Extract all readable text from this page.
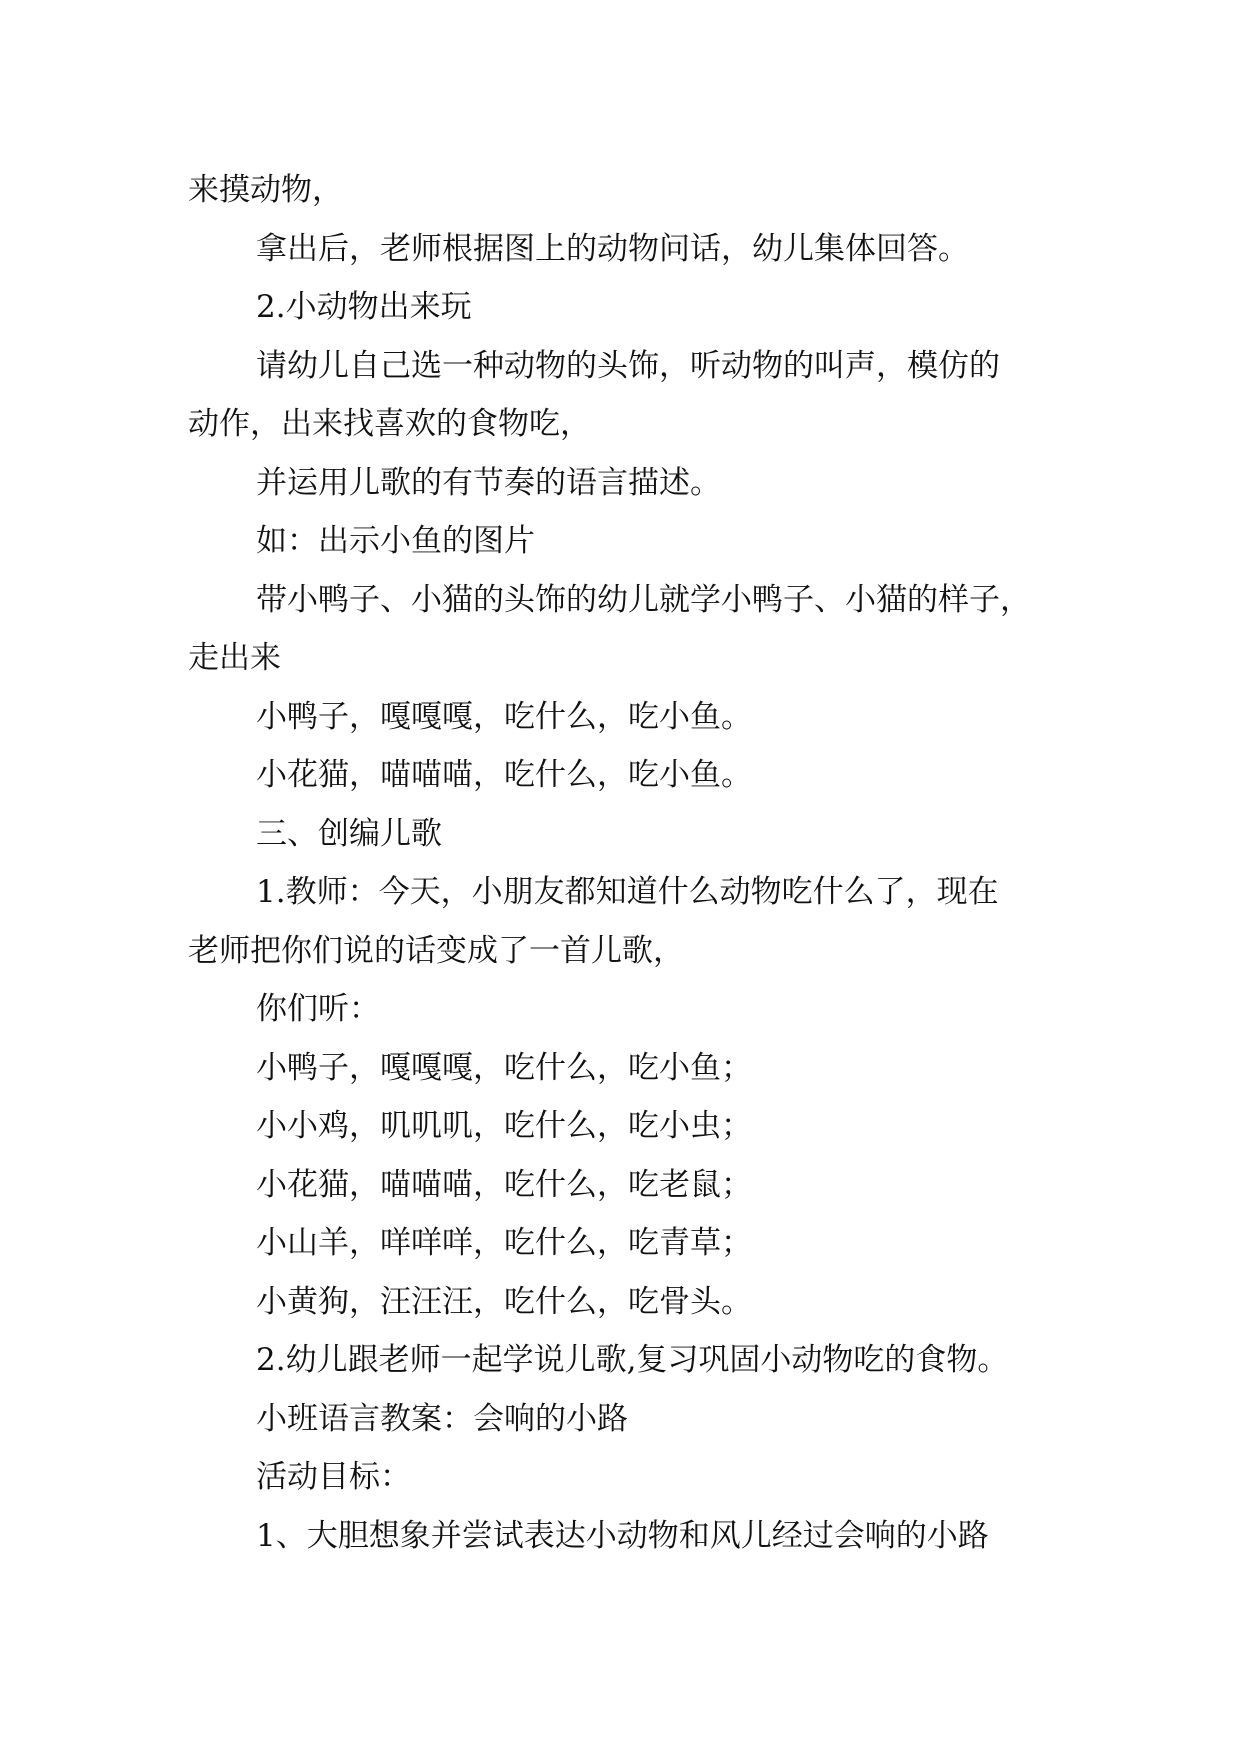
来摸动物，
拿出后，老师根据图上的动物问话，幼儿集体回答。
2.小动物出来玩
请幼儿自己选一种动物的头饰，听动物的叫声，模仿的
动作，出来找喜欢的食物吃，
并运用儿歌的有节奏的语言描述。
如：出示小鱼的图片
带小鸭子、小猫的头饰的幼儿就学小鸭子、小猫的样子，
走出来
小鸭子，嘎嘎嘎，吃什么，吃小鱼。
小花猫，喵喵喵，吃什么，吃小鱼。
三、创编儿歌
1.教师：今天，小朋友都知道什么动物吃什么了，现在
老师把你们说的话变成了一首儿歌，
你们听：
小鸭子，嘎嘎嘎，吃什么，吃小鱼；
小小鸡，叽叽叽，吃什么，吃小虫；
小花猫，喵喵喵，吃什么，吃老鼠；
小山羊，咩咩咩，吃什么，吃青草；
小黄狗，汪汪汪，吃什么，吃骨头。
2.幼儿跟老师一起学说儿歌,复习巩固小动物吃的食物。
小班语言教案：会响的小路
活动目标：
1、大胆想象并尝试表达小动物和风儿经过会响的小路
